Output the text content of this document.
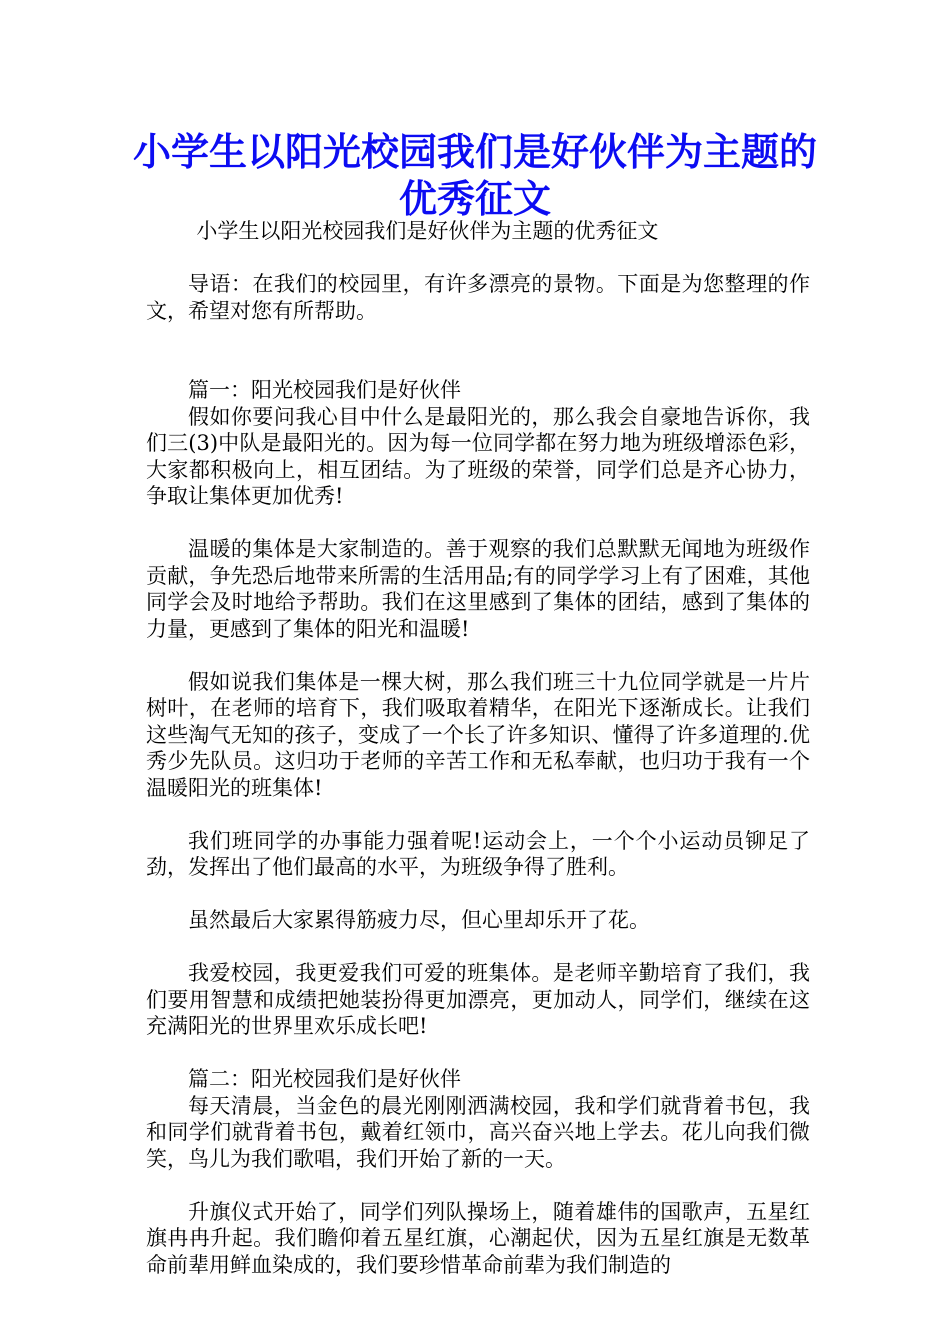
小学生以阳光校园我们是好伙伴为主题的优秀征文

小学生以阳光校园我们是好伙伴为主题的优秀征文

导语：在我们的校园里，有许多漂亮的景物。下面是为您整理的作文，希望对您有所帮助。

篇一：阳光校园我们是好伙伴

假如你要问我心目中什么是最阳光的，那么我会自豪地告诉你，我们三(3)中队是最阳光的。因为每一位同学都在努力地为班级增添色彩，大家都积极向上，相互团结。为了班级的荣誉，同学们总是齐心协力，争取让集体更加优秀!

温暖的集体是大家制造的。善于观察的我们总默默无闻地为班级作贡献，争先恐后地带来所需的生活用品;有的同学学习上有了困难，其他同学会及时地给予帮助。我们在这里感到了集体的团结，感到了集体的力量，更感到了集体的阳光和温暖!

假如说我们集体是一棵大树，那么我们班三十九位同学就是一片片树叶，在老师的培育下，我们吸取着精华，在阳光下逐渐成长。让我们这些淘气无知的孩子，变成了一个长了许多知识、懂得了许多道理的.优秀少先队员。这归功于老师的辛苦工作和无私奉献，也归功于我有一个温暖阳光的班集体!

我们班同学的办事能力强着呢!运动会上，一个个小运动员铆足了劲，发挥出了他们最高的水平，为班级争得了胜利。

虽然最后大家累得筋疲力尽，但心里却乐开了花。

我爱校园，我更爱我们可爱的班集体。是老师辛勤培育了我们，我们要用智慧和成绩把她装扮得更加漂亮，更加动人，同学们，继续在这充满阳光的世界里欢乐成长吧!

篇二：阳光校园我们是好伙伴

每天清晨，当金色的晨光刚刚洒满校园，我和学们就背着书包，我和同学们就背着书包，戴着红领巾，高兴奋兴地上学去。花儿向我们微笑，鸟儿为我们歌唱，我们开始了新的一天。

升旗仪式开始了，同学们列队操场上，随着雄伟的国歌声，五星红旗冉冉升起。我们瞻仰着五星红旗，心潮起伏，因为五星红旗是无数革命前辈用鲜血染成的，我们要珍惜革命前辈为我们制造的
